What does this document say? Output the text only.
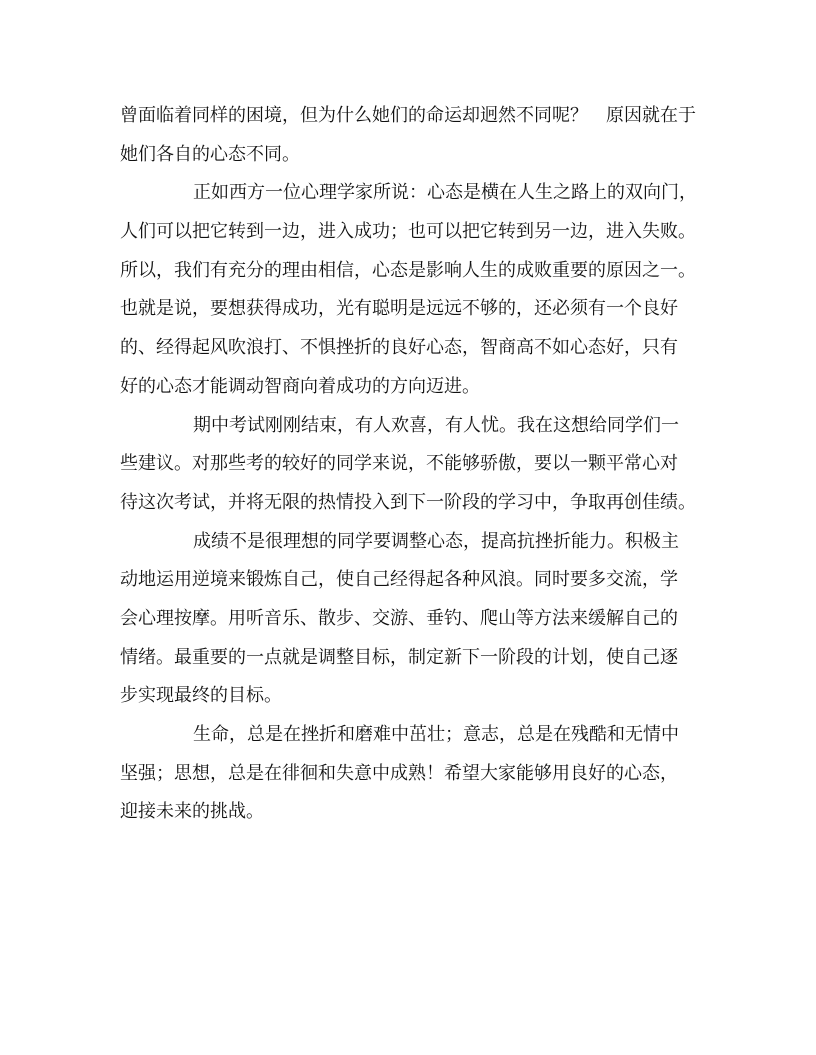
曾面临着同样的困境，但为什么她们的命运却迥然不同呢？　原因就在于
她们各自的心态不同。
正如西方一位心理学家所说：心态是横在人生之路上的双向门，
人们可以把它转到一边，进入成功；也可以把它转到另一边，进入失败。
所以，我们有充分的理由相信，心态是影响人生的成败重要的原因之一。
也就是说，要想获得成功，光有聪明是远远不够的，还必须有一个良好
的、经得起风吹浪打、不惧挫折的良好心态，智商高不如心态好，只有
好的心态才能调动智商向着成功的方向迈进。
期中考试刚刚结束，有人欢喜，有人忧。我在这想给同学们一
些建议。对那些考的较好的同学来说，不能够骄傲，要以一颗平常心对
待这次考试，并将无限的热情投入到下一阶段的学习中，争取再创佳绩。
成绩不是很理想的同学要调整心态，提高抗挫折能力。积极主
动地运用逆境来锻炼自己，使自己经得起各种风浪。同时要多交流，学
会心理按摩。用听音乐、散步、交游、垂钓、爬山等方法来缓解自己的
情绪。最重要的一点就是调整目标，制定新下一阶段的计划，使自己逐
步实现最终的目标。
生命，总是在挫折和磨难中茁壮；意志，总是在残酷和无情中
坚强；思想，总是在徘徊和失意中成熟！希望大家能够用良好的心态，
迎接未来的挑战。
